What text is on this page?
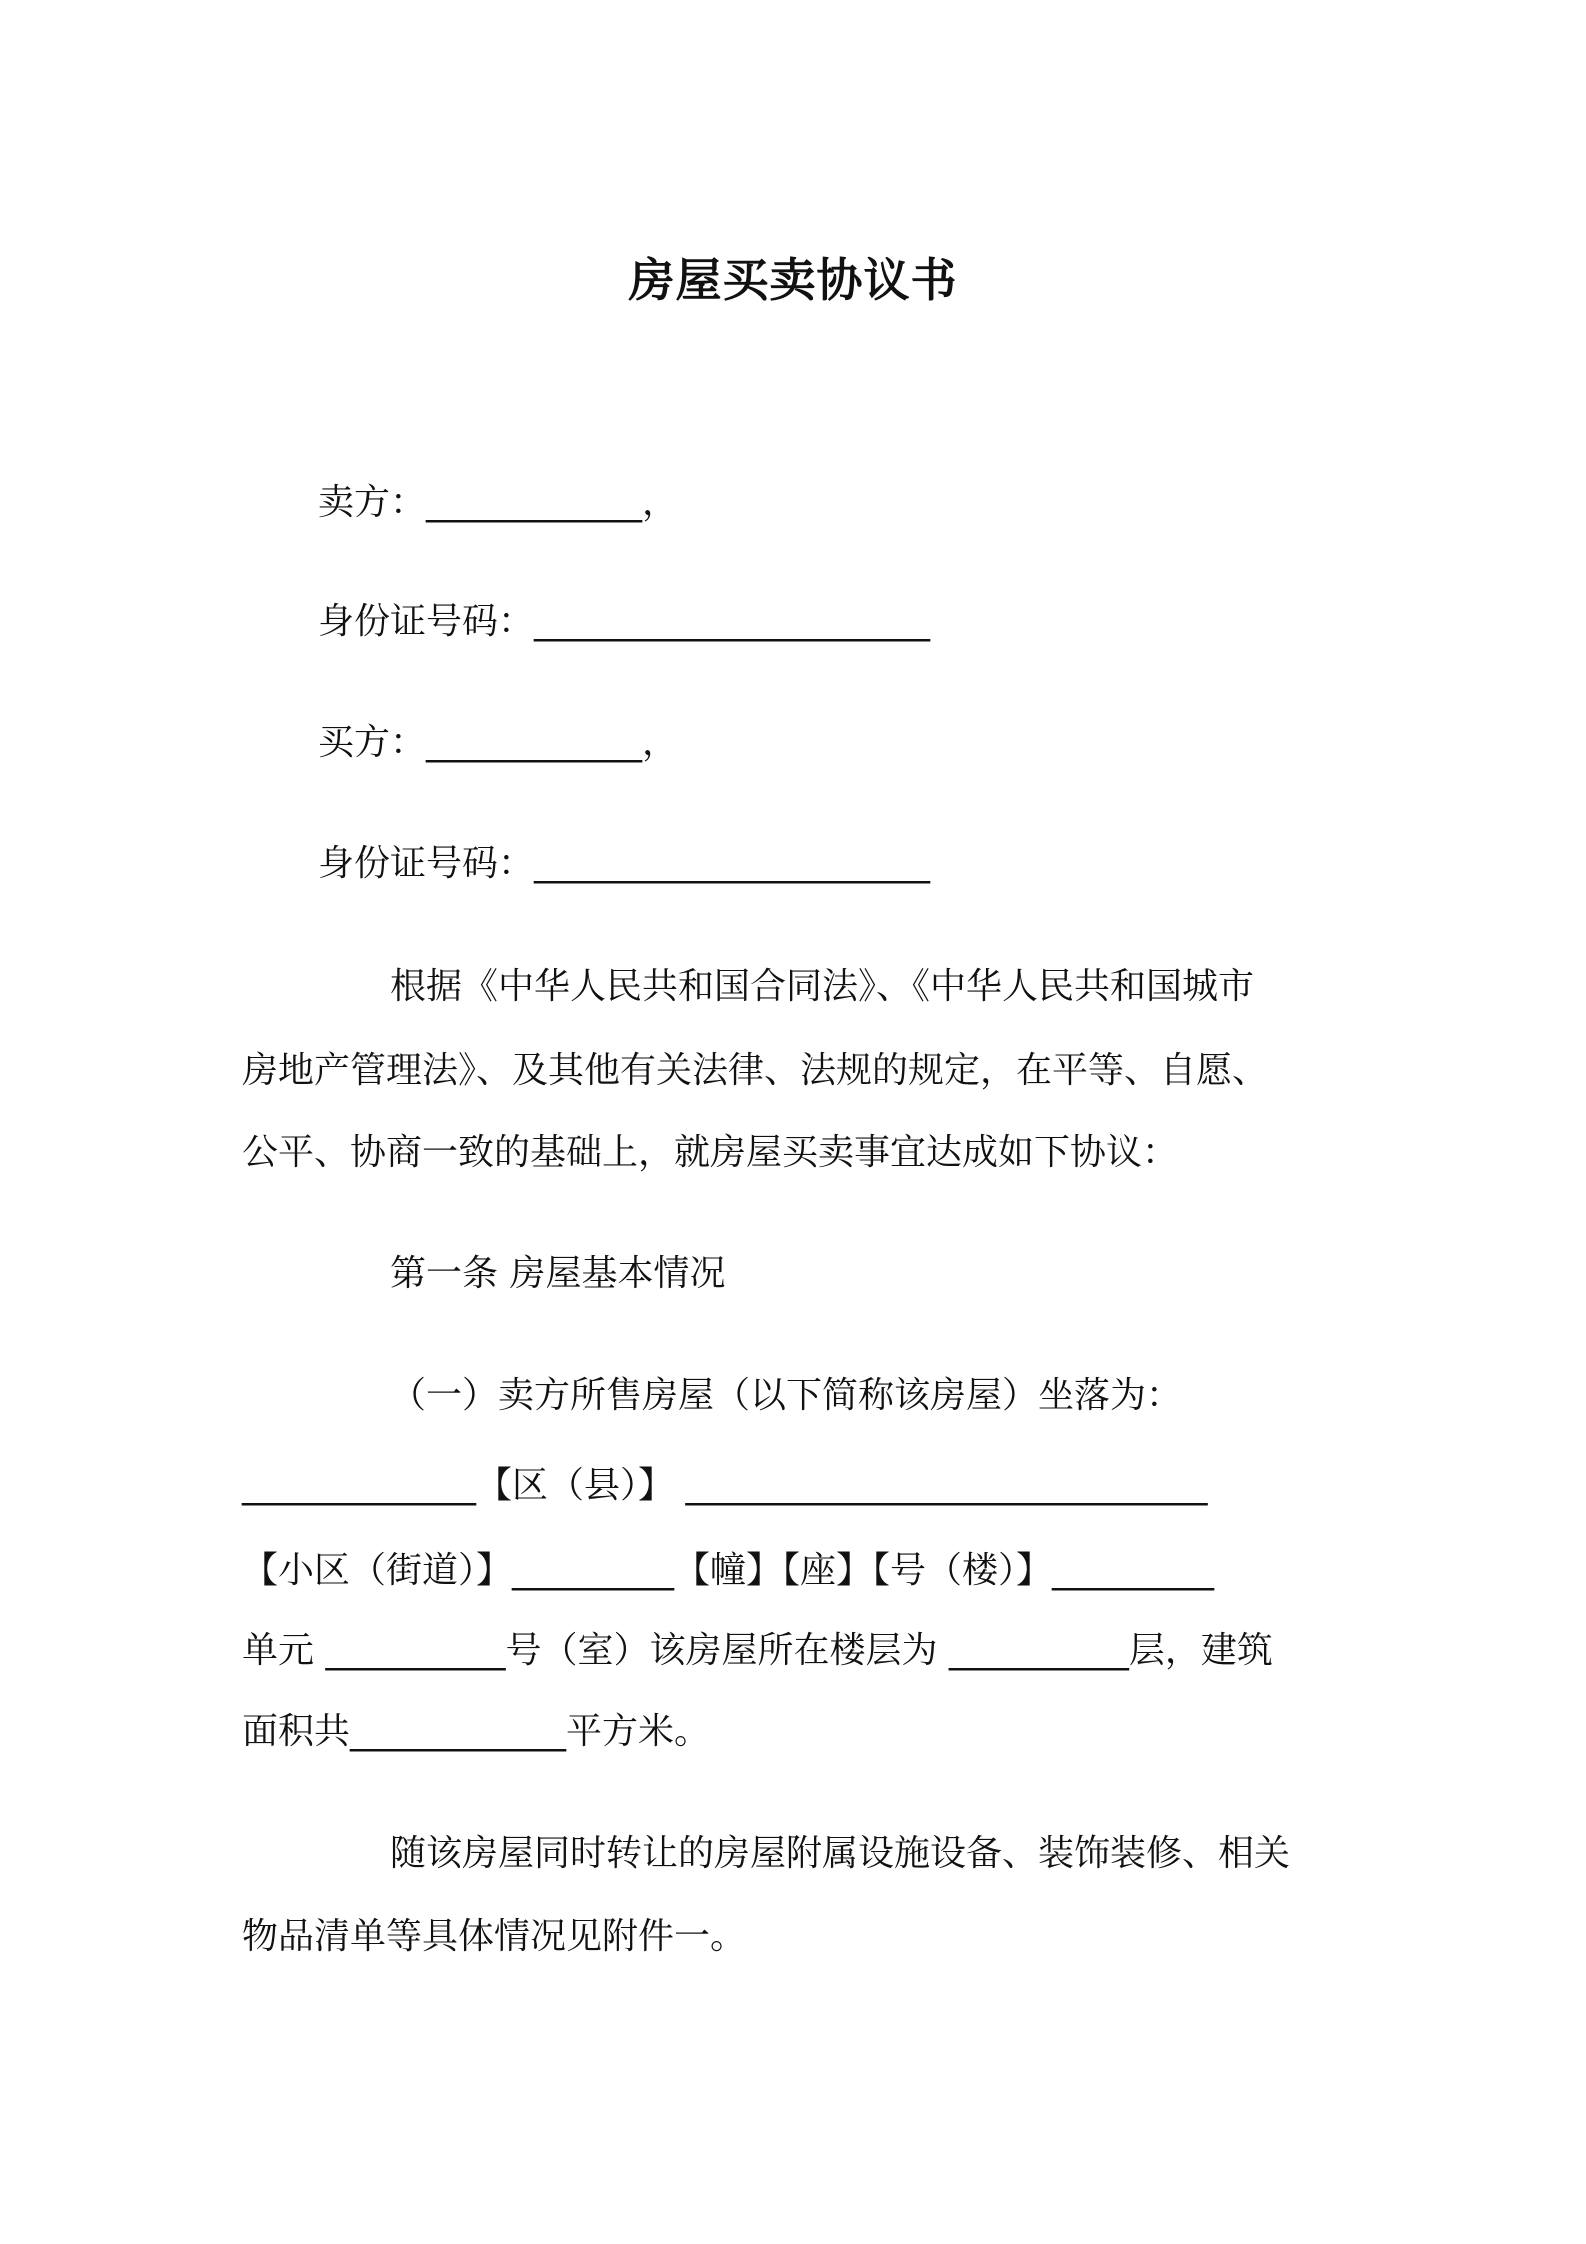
房屋买卖协议书
卖方：____________，
身份证号码：______________________
买方：____________，
身份证号码：______________________
根据《中华人民共和国合同法》、《中华人民共和国城市
房地产管理法》、及其他有关法律、法规的规定，在平等、自愿、
公平、协商一致的基础上，就房屋买卖事宜达成如下协议：
第一条 房屋基本情况
（一）卖方所售房屋（以下简称该房屋）坐落为：
_____________【区（县）】 _____________________________
【小区（街道）】_________【幢】【座】【号（楼）】_________
单元 __________号（室）该房屋所在楼层为 __________层，建筑
面积共____________平方米。
随该房屋同时转让的房屋附属设施设备、装饰装修、相关
物品清单等具体情况见附件一。
